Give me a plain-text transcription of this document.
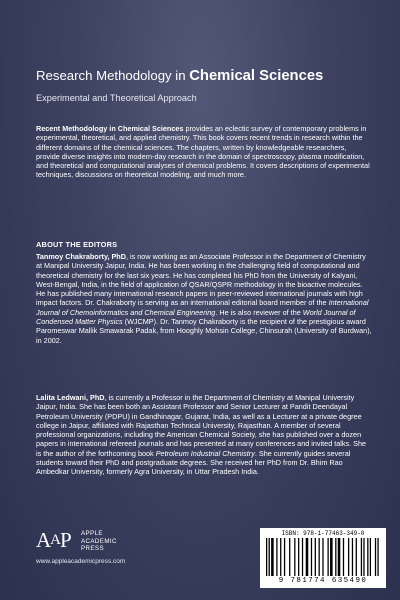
Research Methodology in Chemical Sciences
Experimental and Theoretical Approach

Recent Methodology in Chemical Sciences provides an eclectic survey of contemporary problems in experimental, theoretical, and applied chemistry. This book covers recent trends in research within the different domains of the chemical sciences. The chapters, written by knowledgeable researchers, provide diverse insights into modern-day research in the domain of spectroscopy, plasma modification, and theoretical and computational analyses of chemical problems. It covers descriptions of experimental techniques, discussions on theoretical modeling, and much more.

ABOUT THE EDITORS

Tanmoy Chakraborty, PhD, is now working as an Associate Professor in the Department of Chemistry at Manipal University Jaipur, India. He has been working in the challenging field of computational and theoretical chemistry for the last six years. He has completed his PhD from the University of Kalyani, West-Bengal, India, in the field of application of QSAR/QSPR methodology in the bioactive molecules. He has published many international research papers in peer-reviewed international journals with high impact factors. Dr. Chakraborty is serving as an international editorial board member of the International Journal of Chemoinformatics and Chemical Engineering. He is also reviewer of the World Journal of Condensed Matter Physics (WJCMP). Dr. Tanmoy Chakraborty is the recipient of the prestigious award Paromeswar Mallik Smawarak Padak, from Hooghly Mohsin College, Chinsurah (University of Burdwan), in 2002.

Lalita Ledwani, PhD, is currently a Professor in the Department of Chemistry at Manipal University Jaipur, India. She has been both an Assistant Professor and Senior Lecturer at Pandit Deendayal Petroleum University (PDPU) in Gandhinagar, Gujarat, India, as well as a Lecturer at a private degree college in Jaipur, affiliated with Rajasthan Technical University, Rajasthan. A member of several professional organizations, including the American Chemical Society, she has published over a dozen papers in international refereed journals and has presented at many conferences and invited talks. She is the author of the forthcoming book Petroleum Industrial Chemistry. She currently guides several students toward their PhD and postgraduate degrees. She received her PhD from Dr. Bhim Rao Ambedkar University, formerly Agra University, in Uttar Pradesh India.

AAP APPLE
ACADEMIC
PRESS
www.appleacademicpress.com
ISBN: 978-1-77463-349-0
9 781774 635490
